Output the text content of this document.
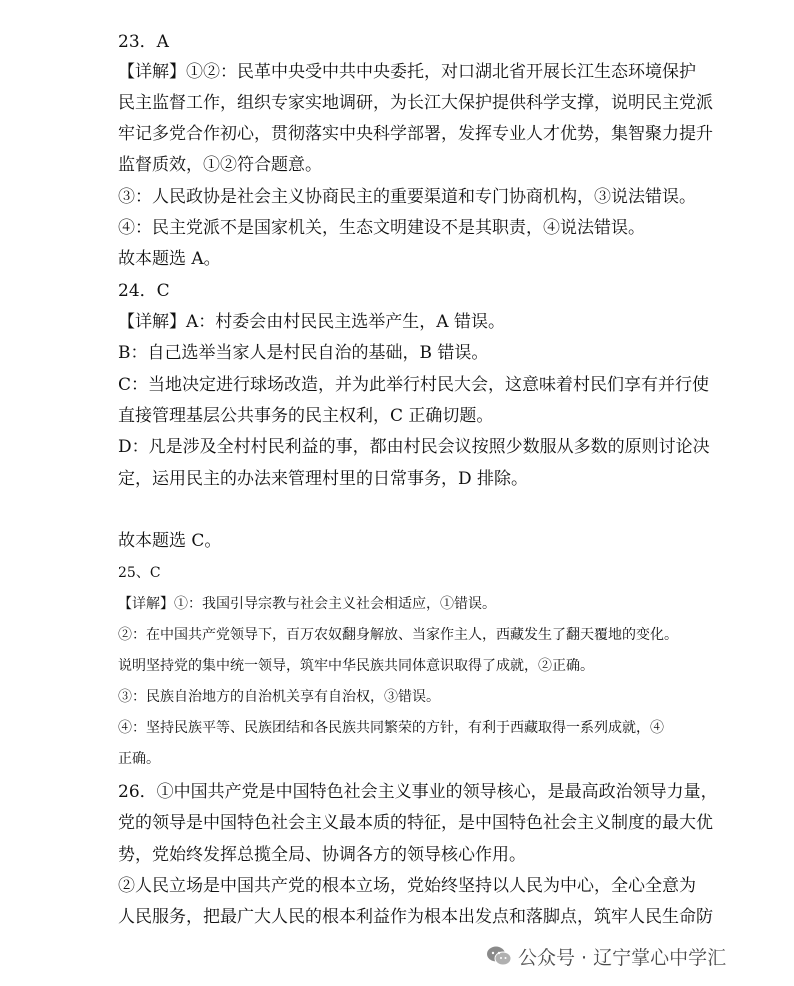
23．A
【详解】①②：民革中央受中共中央委托，对口湖北省开展长江生态环境保护
民主监督工作，组织专家实地调研，为长江大保护提供科学支撑，说明民主党派
牢记多党合作初心，贯彻落实中央科学部署，发挥专业人才优势，集智聚力提升
监督质效，①②符合题意。
③：人民政协是社会主义协商民主的重要渠道和专门协商机构，③说法错误。
④：民主党派不是国家机关，生态文明建设不是其职责，④说法错误。
故本题选 A。
24．C
【详解】A：村委会由村民民主选举产生，A 错误。
B：自己选举当家人是村民自治的基础，B 错误。
C：当地决定进行球场改造，并为此举行村民大会，这意味着村民们享有并行使
直接管理基层公共事务的民主权利，C 正确切题。
D：凡是涉及全村村民利益的事，都由村民会议按照少数服从多数的原则讨论决
定，运用民主的办法来管理村里的日常事务，D 排除。
故本题选 C。
25、C
【详解】①：我国引导宗教与社会主义社会相适应，①错误。
②：在中国共产党领导下，百万农奴翻身解放、当家作主人，西藏发生了翻天覆地的变化。
说明坚持党的集中统一领导，筑牢中华民族共同体意识取得了成就，②正确。
③：民族自治地方的自治机关享有自治权，③错误。
④：坚持民族平等、民族团结和各民族共同繁荣的方针，有利于西藏取得一系列成就，④
正确。
26．①中国共产党是中国特色社会主义事业的领导核心，是最高政治领导力量，
党的领导是中国特色社会主义最本质的特征，是中国特色社会主义制度的最大优
势，党始终发挥总揽全局、协调各方的领导核心作用。
②人民立场是中国共产党的根本立场，党始终坚持以人民为中心，全心全意为
人民服务，把最广大人民的根本利益作为根本出发点和落脚点，筑牢人民生命防
公众号 · 辽宁掌心中学汇
